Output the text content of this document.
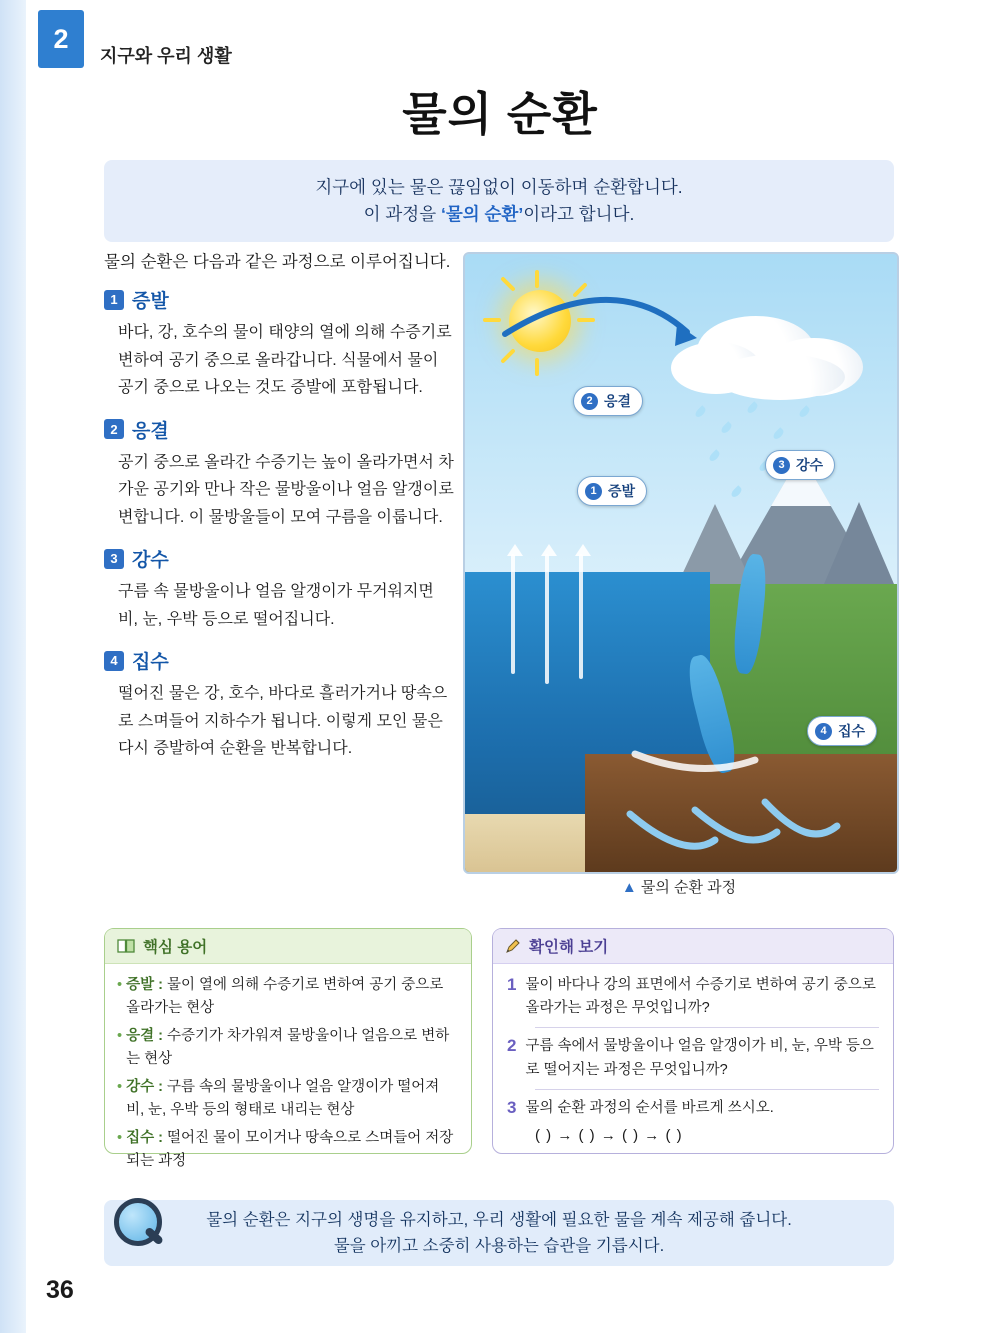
2
지구와 우리 생활
물의 순환
지구에 있는 물은 끊임없이 이동하며 순환합니다.
이 과정을 ‘물의 순환’이라고 합니다.
물의 순환은 다음과 같은 과정으로 이루어집니다.
1 증발
바다, 강, 호수의 물이 태양의 열에 의해 수증기로 변하여 공기 중으로 올라갑니다. 식물에서 물이 공기 중으로 나오는 것도 증발에 포함됩니다.
2 응결
공기 중으로 올라간 수증기는 높이 올라가면서 차가운 공기와 만나 작은 물방울이나 얼음 알갱이로 변합니다. 이 물방울들이 모여 구름을 이룹니다.
3 강수
구름 속 물방울이나 얼음 알갱이가 무거워지면 비, 눈, 우박 등으로 떨어집니다.
4 집수
떨어진 물은 강, 호수, 바다로 흘러가거나 땅속으로 스며들어 지하수가 됩니다. 이렇게 모인 물은 다시 증발하여 순환을 반복합니다.
1 증발
2 응결
3 강수
4 집수
▲ 물의 순환 과정
핵심 용어
• 증발 : 물이 열에 의해 수증기로 변하여 공기 중으로 올라가는 현상
• 응결 : 수증기가 차가워져 물방울이나 얼음으로 변하는 현상
• 강수 : 구름 속의 물방울이나 얼음 알갱이가 떨어져 비, 눈, 우박 등의 형태로 내리는 현상
• 집수 : 떨어진 물이 모이거나 땅속으로 스며들어 저장되는 과정
확인해 보기
1 물이 바다나 강의 표면에서 수증기로 변하여 공기 중으로 올라가는 과정은 무엇입니까?
2 구름 속에서 물방울이나 얼음 알갱이가 비, 눈, 우박 등으로 떨어지는 과정은 무엇입니까?
3 물의 순환 과정의 순서를 바르게 쓰시오.
( ) → ( ) → ( ) → ( )
물의 순환은 지구의 생명을 유지하고, 우리 생활에 필요한 물을 계속 제공해 줍니다.
물을 아끼고 소중히 사용하는 습관을 기릅시다.
36
